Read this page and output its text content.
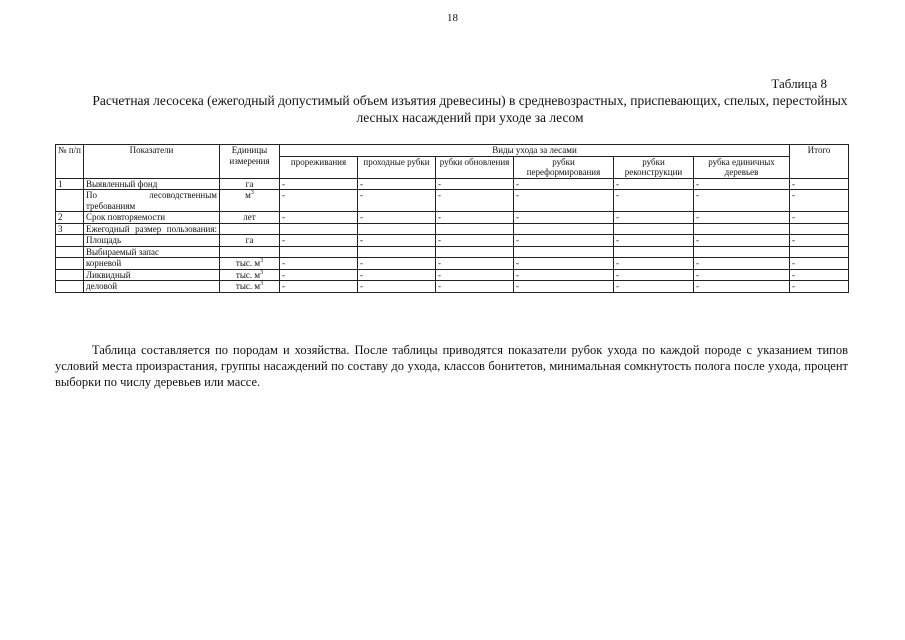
18
Таблица 8
Расчетная лесосека (ежегодный допустимый объем изъятия древесины) в средневозрастных, приспевающих, спелых, перестойных лесных насаждений при уходе за лесом
№ п/п	Показатели	Единицы измерения	Виды ухода за лесами						Итого
			прореживания	проходные рубки	рубки обновления	рубки переформирования	рубки реконструкции	рубка единичных деревьев	
1	Выявленный фонд	га	-	-	-	-	-	-	-

	По лесоводственным требованиям	$м^3$	-	-	-	-	-	-	-
2	Срок повторяемости	лет	-	-	-	-	-	-	-
3	Ежегодный размер пользования:								

	Площадь	га	-	-	-	-	-	-	-
	Выбираемый запас								
	корневой	тыс. $м^3$	-	-	-	-	-	-	-
	Ликвидный	тыс. $м^3$	-	-	-	-	-	-	-
	деловой	тыс. $м^3$	-	-	-	-	-	-	-
Таблица составляется по породам и хозяйства. После таблицы приводятся показатели рубок ухода по каждой породе с указанием типов условий места произрастания, группы насаждений по составу до ухода, классов бонитетов, минимальная сомкнутость полога после ухода, процент выборки по числу деревьев или массе.
